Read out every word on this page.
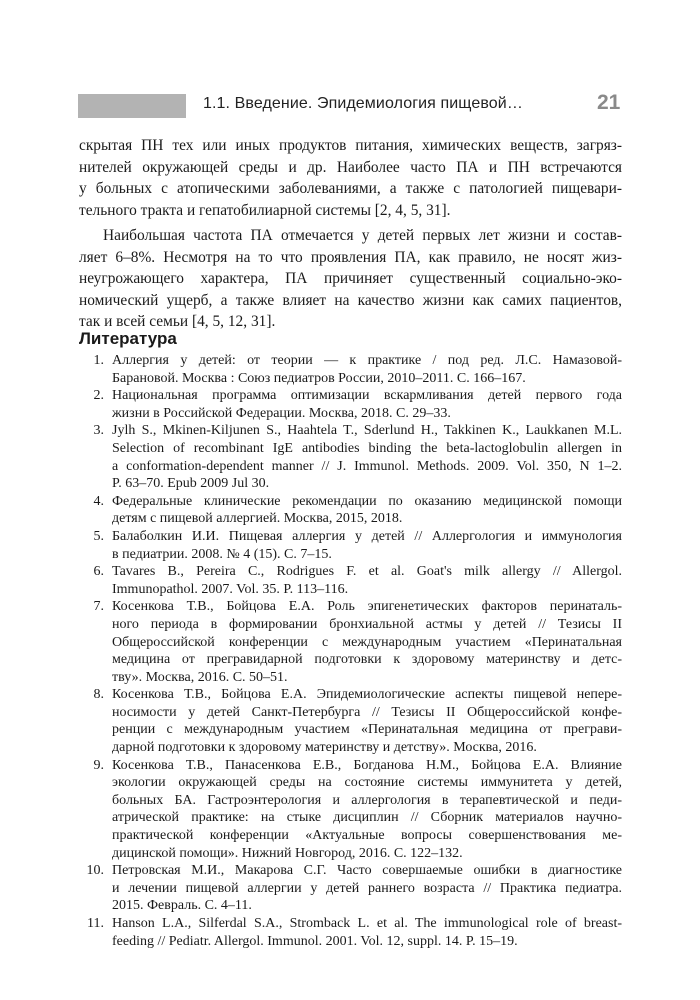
1.1. Введение. Эпидемиология пищевой…	21

скрытая ПН тех или иных продуктов питания, химических веществ, загряз-
нителей окружающей среды и др. Наиболее часто ПА и ПН встречаются
у больных с атопическими заболеваниями, а также с патологией пищевари-
тельного тракта и гепатобилиарной системы [2, 4, 5, 31].

Наибольшая частота ПА отмечается у детей первых лет жизни и состав-
ляет 6–8%. Несмотря на то что проявления ПА, как правило, не носят жиз-
неугрожающего характера, ПА причиняет существенный социально-эко-
номический ущерб, а также влияет на качество жизни как самих пациентов,
так и всей семьи [4, 5, 12, 31].

Литература
1. Аллергия у детей: от теории — к практике / под ред. Л.С. Намазовой-
Барановой. Москва : Союз педиатров России, 2010–2011. С. 166–167.
2. Национальная программа оптимизации вскармливания детей первого года
жизни в Российской Федерации. Москва, 2018. С. 29–33.
3. Jylh S., Mkinen-Kiljunen S., Haahtela T., Sderlund H., Takkinen K., Laukkanen M.L.
Selection of recombinant IgE antibodies binding the beta-lactoglobulin allergen in
a conformation-dependent manner // J. Immunol. Methods. 2009. Vol. 350, N 1–2.
P. 63–70. Epub 2009 Jul 30.
4. Федеральные клинические рекомендации по оказанию медицинской помощи
детям с пищевой аллергией. Москва, 2015, 2018.
5. Балаболкин И.И. Пищевая аллергия у детей // Аллергология и иммунология
в педиатрии. 2008. № 4 (15). С. 7–15.
6. Tavares B., Pereira C., Rodrigues F. et al. Goat's milk allergy // Allergol.
Immunopathol. 2007. Vol. 35. P. 113–116.
7. Косенкова Т.В., Бойцова Е.А. Роль эпигенетических факторов перинаталь-
ного периода в формировании бронхиальной астмы у детей // Тезисы II
Общероссийской конференции с международным участием «Перинатальная
медицина от прегравидарной подготовки к здоровому материнству и детс-
тву». Москва, 2016. С. 50–51.
8. Косенкова Т.В., Бойцова Е.А. Эпидемиологические аспекты пищевой непере-
носимости у детей Санкт-Петербурга // Тезисы II Общероссийской конфе-
ренции с международным участием «Перинатальная медицина от преграви-
дарной подготовки к здоровому материнству и детству». Москва, 2016.
9. Косенкова Т.В., Панасенкова Е.В., Богданова Н.М., Бойцова Е.А. Влияние
экологии окружающей среды на состояние системы иммунитета у детей,
больных БА. Гастроэнтерология и аллергология в терапевтической и педи-
атрической практике: на стыке дисциплин // Сборник материалов научно-
практической конференции «Актуальные вопросы совершенствования ме-
дицинской помощи». Нижний Новгород, 2016. С. 122–132.
10. Петровская М.И., Макарова С.Г. Часто совершаемые ошибки в диагностике
и лечении пищевой аллергии у детей раннего возраста // Практика педиатра.
2015. Февраль. С. 4–11.
11. Hanson L.A., Silferdal S.A., Stromback L. et al. The immunological role of breast-
feeding // Pediatr. Allergol. Immunol. 2001. Vol. 12, suppl. 14. P. 15–19.
